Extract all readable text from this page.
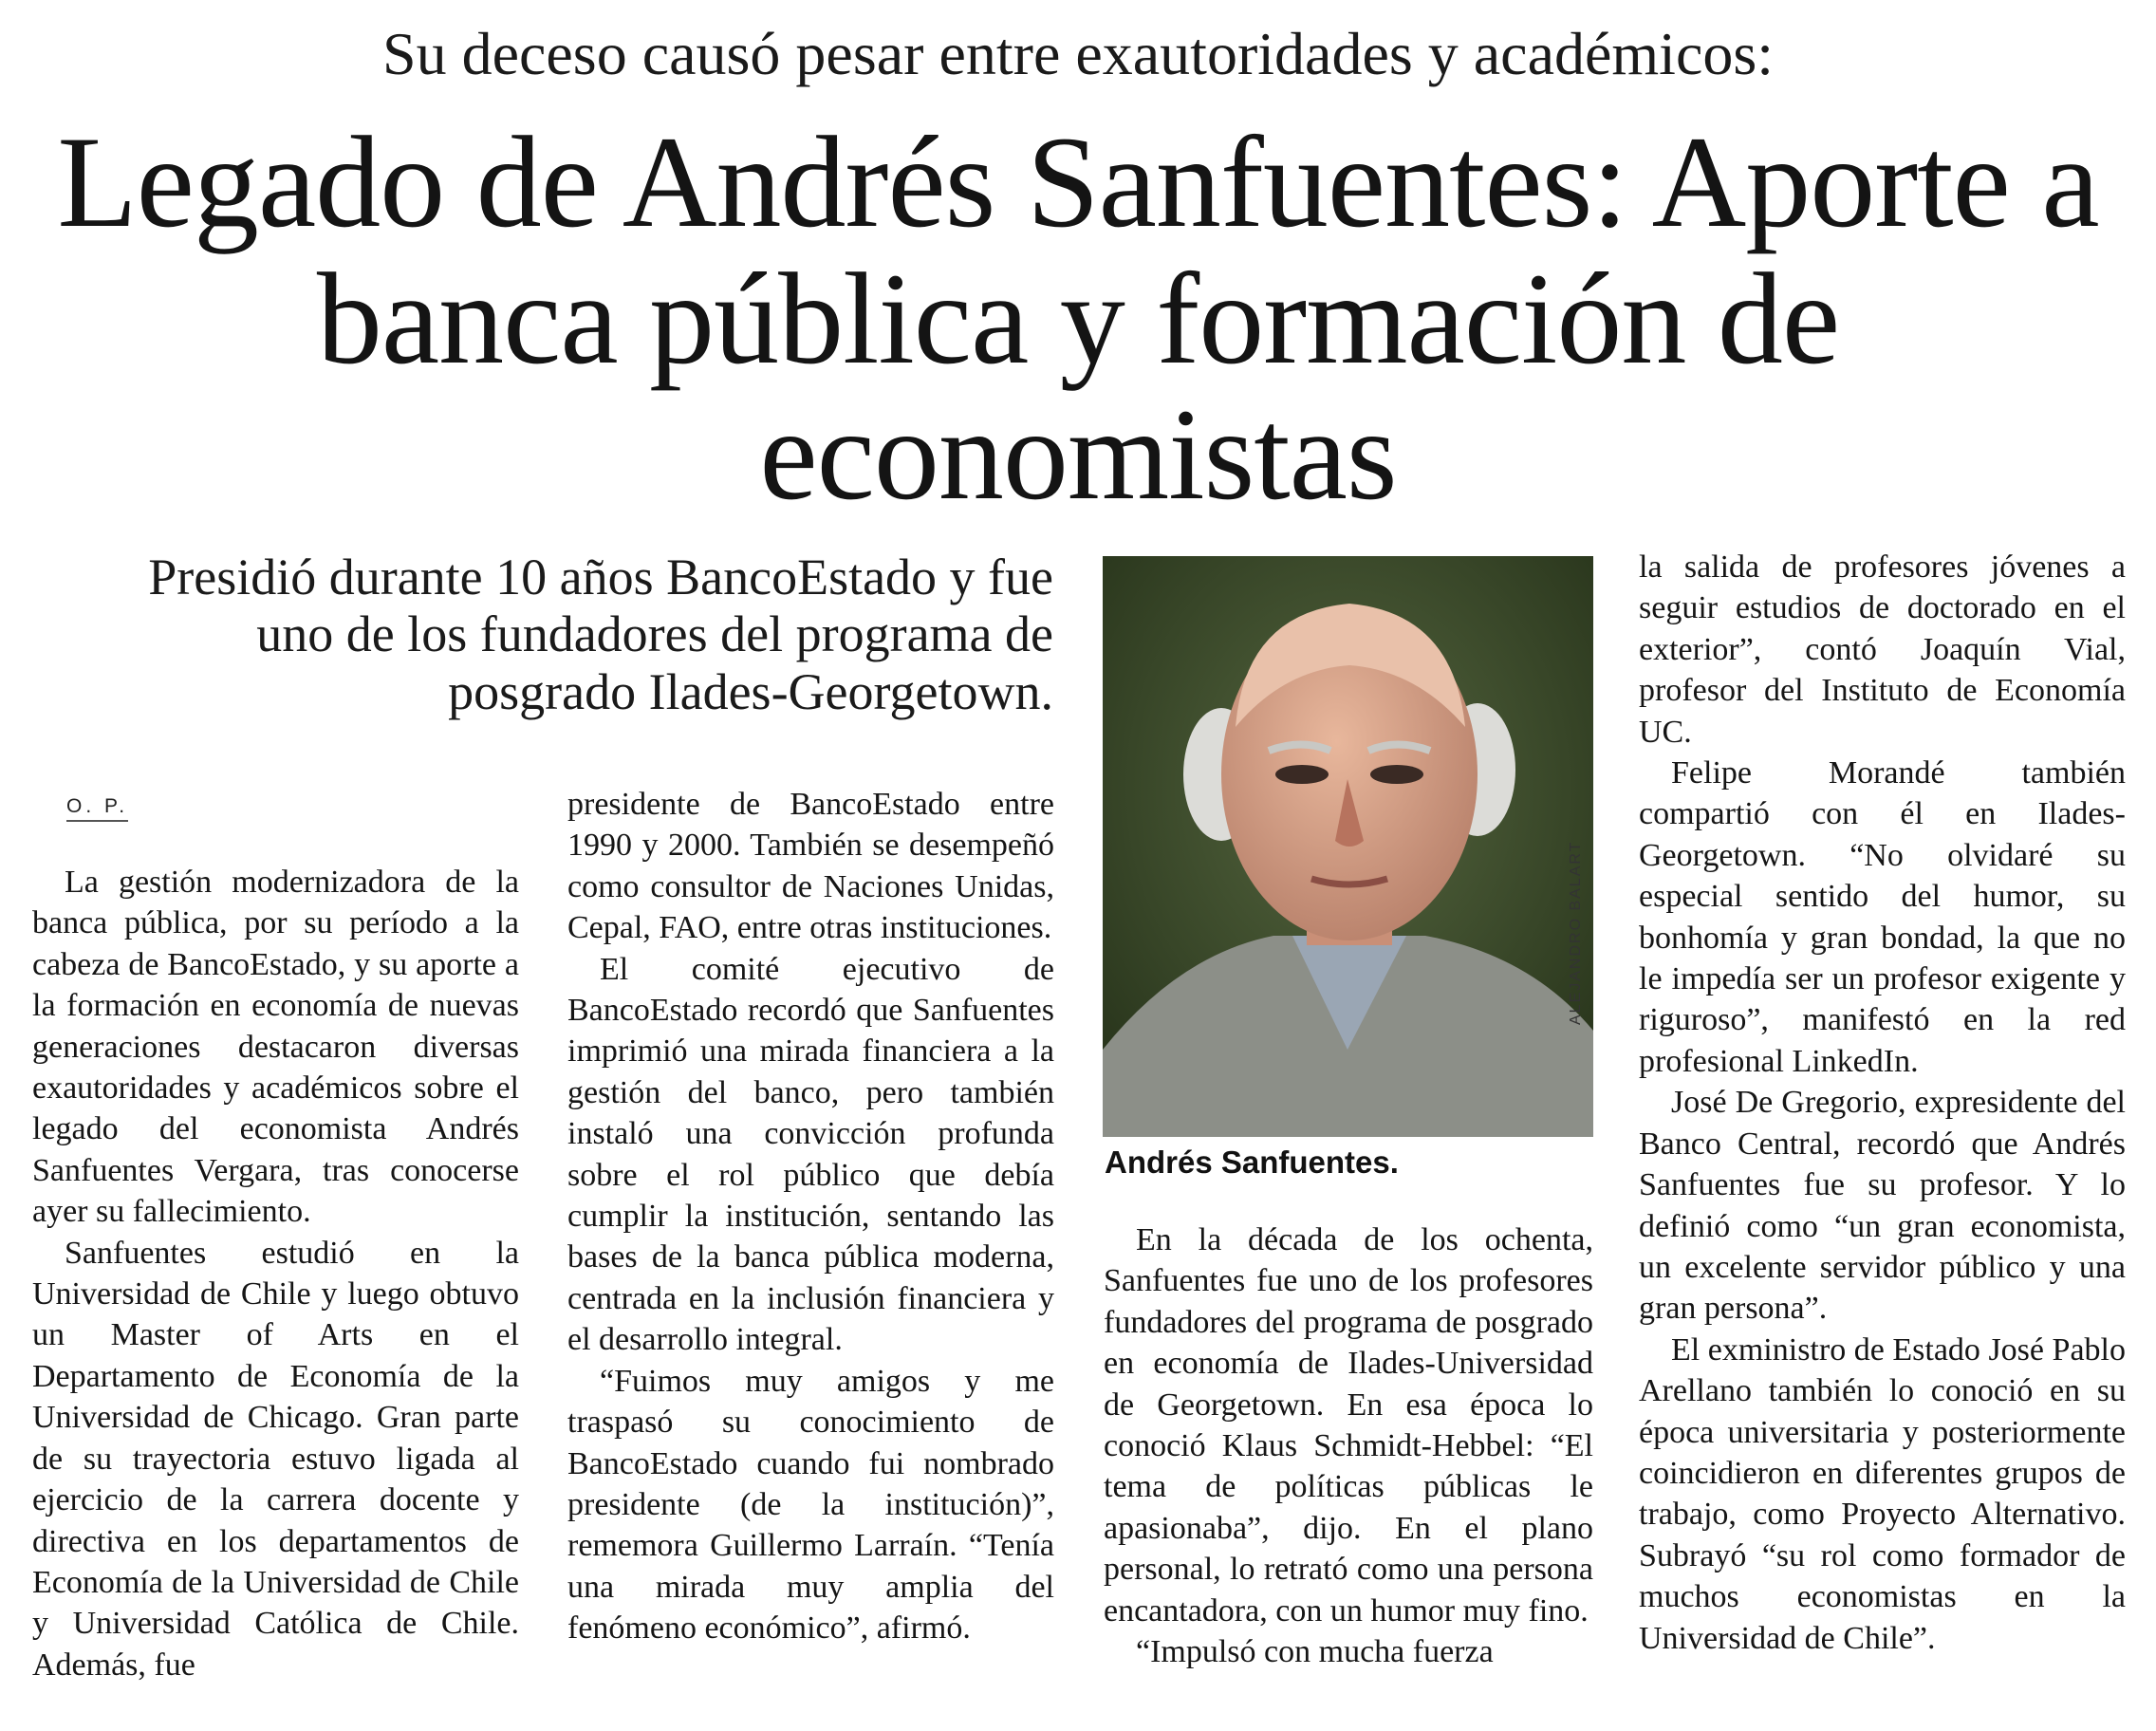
Su deceso causó pesar entre exautoridades y académicos:
Legado de Andrés Sanfuentes: Aporte a banca pública y formación de economistas
Presidió durante 10 años BancoEstado y fue uno de los fundadores del programa de posgrado Ilades-Georgetown.
O. P.

La gestión modernizadora de la banca pública, por su período a la cabeza de BancoEstado, y su aporte a la formación en economía de nuevas generaciones destacaron diversas exautoridades y académicos sobre el legado del economista Andrés Sanfuentes Vergara, tras conocerse ayer su fallecimiento.

Sanfuentes estudió en la Universidad de Chile y luego obtuvo un Master of Arts en el Departamento de Economía de la Universidad de Chicago. Gran parte de su trayectoria estuvo ligada al ejercicio de la carrera docente y directiva en los departamentos de Economía de la Universidad de Chile y Universidad Católica de Chile. Además, fue

presidente de BancoEstado entre 1990 y 2000. También se desempeñó como consultor de Naciones Unidas, Cepal, FAO, entre otras instituciones.

El comité ejecutivo de BancoEstado recordó que Sanfuentes imprimió una mirada financiera a la gestión del banco, pero también instaló una convicción profunda sobre el rol público que debía cumplir la institución, sentando las bases de la banca pública moderna, centrada en la inclusión financiera y el desarrollo integral.

“Fuimos muy amigos y me traspasó su conocimiento de BancoEstado cuando fui nombrado presidente (de la institución)”, rememora Guillermo Larraín. “Tenía una mirada muy amplia del fenómeno económico”, afirmó.

ALEJANDRO BALART
Andrés Sanfuentes.

En la década de los ochenta, Sanfuentes fue uno de los profesores fundadores del programa de posgrado en economía de Ilades-Universidad de Georgetown. En esa época lo conoció Klaus Schmidt-Hebbel: “El tema de políticas públicas le apasionaba”, dijo. En el plano personal, lo retrató como una persona encantadora, con un humor muy fino.

“Impulsó con mucha fuerza

la salida de profesores jóvenes a seguir estudios de doctorado en el exterior”, contó Joaquín Vial, profesor del Instituto de Economía UC.

Felipe Morandé también compartió con él en Ilades-Georgetown. “No olvidaré su especial sentido del humor, su bonhomía y gran bondad, la que no le impedía ser un profesor exigente y riguroso”, manifestó en la red profesional LinkedIn.

José De Gregorio, expresidente del Banco Central, recordó que Andrés Sanfuentes fue su profesor. Y lo definió como “un gran economista, un excelente servidor público y una gran persona”.

El exministro de Estado José Pablo Arellano también lo conoció en su época universitaria y posteriormente coincidieron en diferentes grupos de trabajo, como Proyecto Alternativo. Subrayó “su rol como formador de muchos economistas en la Universidad de Chile”.
